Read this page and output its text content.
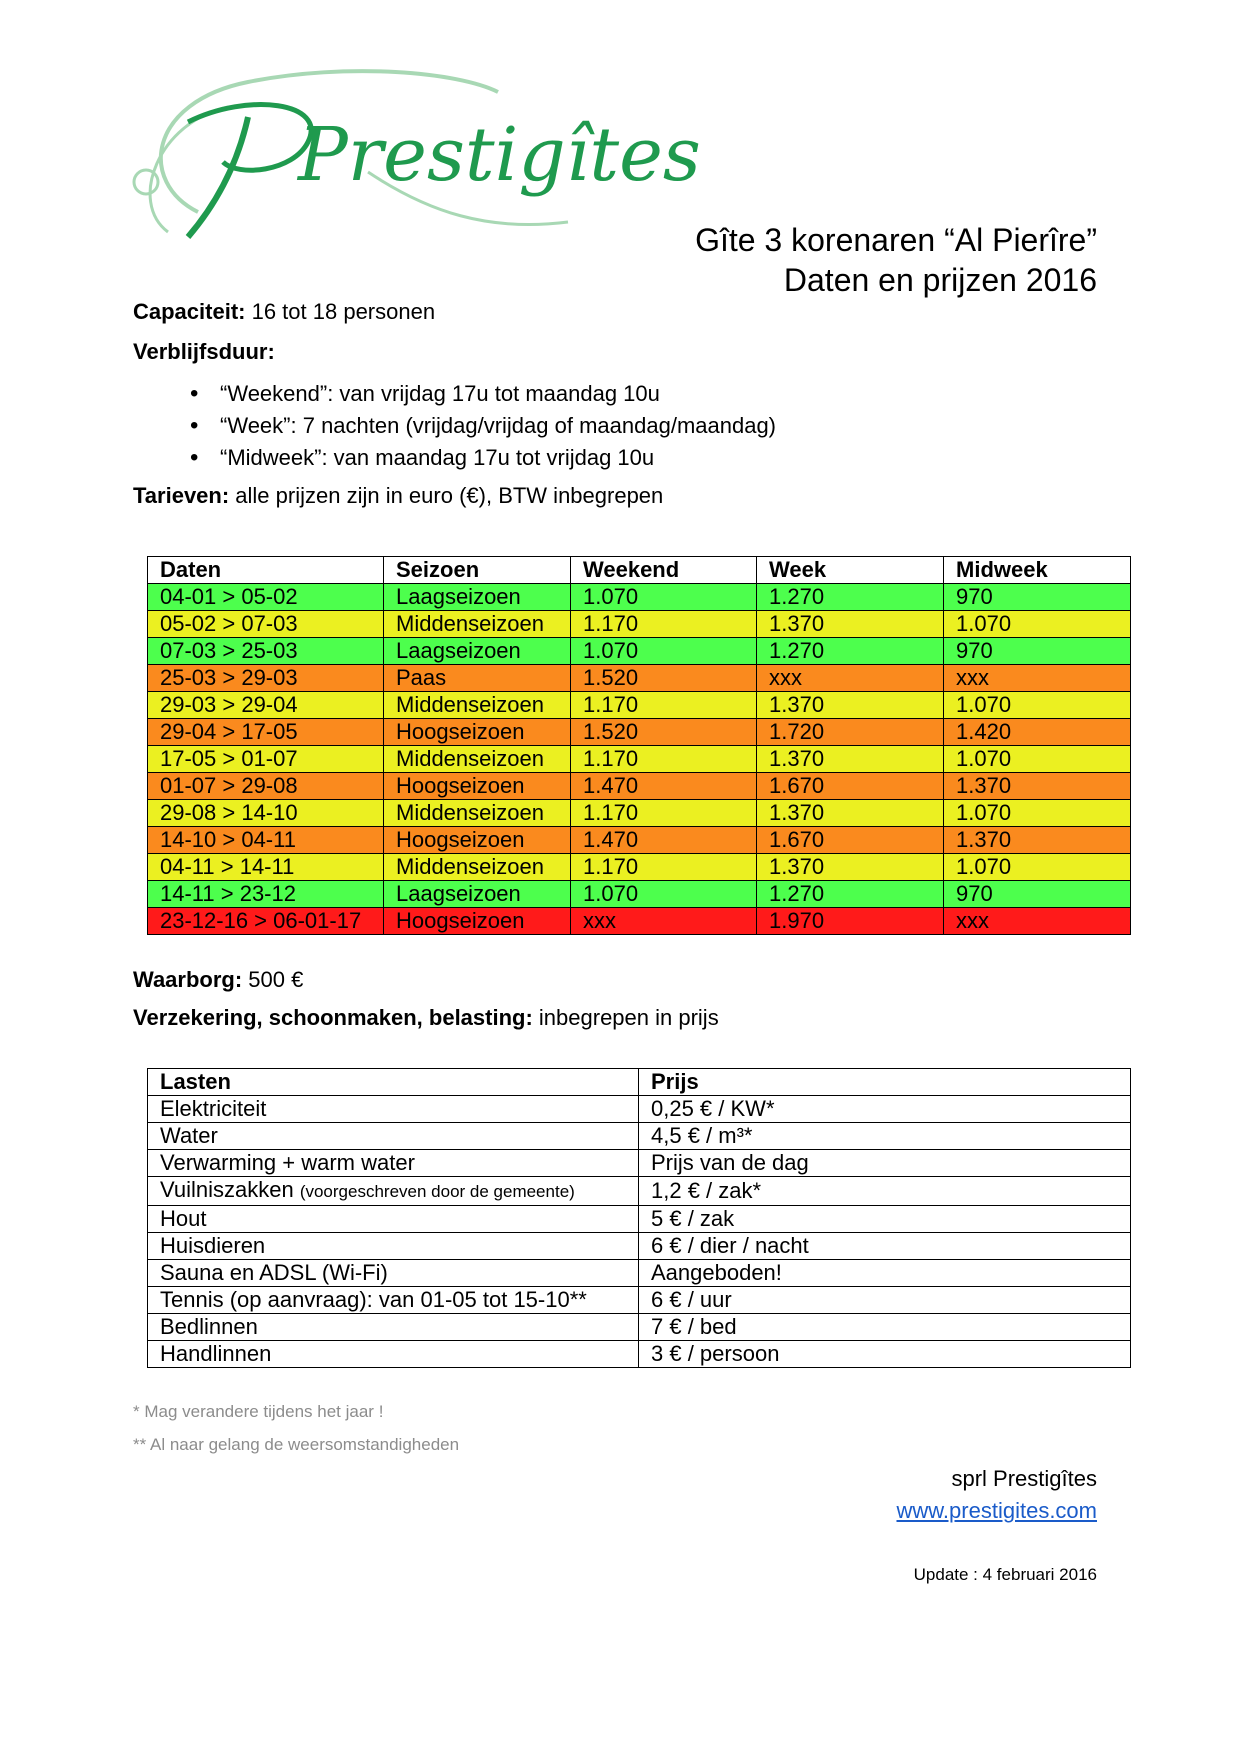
Prestigîtes
Gîte 3 korenaren “Al Pierîre”
Daten en prijzen 2016
Capaciteit: 16 tot 18 personen
Verblijfsduur:
• “Weekend”: van vrijdag 17u tot maandag 10u
• “Week”: 7 nachten (vrijdag/vrijdag of maandag/maandag)
• “Midweek”: van maandag 17u tot vrijdag 10u
Tarieven: alle prijzen zijn in euro (€), BTW inbegrepen
Daten	Seizoen	Weekend	Week	Midweek
04-01 > 05-02	Laagseizoen	1.070	1.270	970
05-02 > 07-03	Middenseizoen	1.170	1.370	1.070
07-03 > 25-03	Laagseizoen	1.070	1.270	970
25-03 > 29-03	Paas	1.520	xxx	xxx
29-03 > 29-04	Middenseizoen	1.170	1.370	1.070
29-04 > 17-05	Hoogseizoen	1.520	1.720	1.420
17-05 > 01-07	Middenseizoen	1.170	1.370	1.070
01-07 > 29-08	Hoogseizoen	1.470	1.670	1.370
29-08 > 14-10	Middenseizoen	1.170	1.370	1.070
14-10 > 04-11	Hoogseizoen	1.470	1.670	1.370
04-11 > 14-11	Middenseizoen	1.170	1.370	1.070
14-11 > 23-12	Laagseizoen	1.070	1.270	970
23-12-16 > 06-01-17	Hoogseizoen	xxx	1.970	xxx
Waarborg: 500 €
Verzekering, schoonmaken, belasting: inbegrepen in prijs
Lasten	Prijs
Elektriciteit	0,25 € / KW*
Water	4,5 € / m³*
Verwarming + warm water	Prijs van de dag
Vuilniszakken (voorgeschreven door de gemeente)	1,2 € / zak*
Hout	5 € / zak
Huisdieren	6 € / dier / nacht
Sauna en ADSL (Wi-Fi)	Aangeboden!
Tennis (op aanvraag): van 01-05 tot 15-10**	6 € / uur
Bedlinnen	7 € / bed
Handlinnen	3 € / persoon
* Mag verandere tijdens het jaar !
** Al naar gelang de weersomstandigheden
sprl Prestigîtes
www.prestigites.com
Update : 4 februari 2016
